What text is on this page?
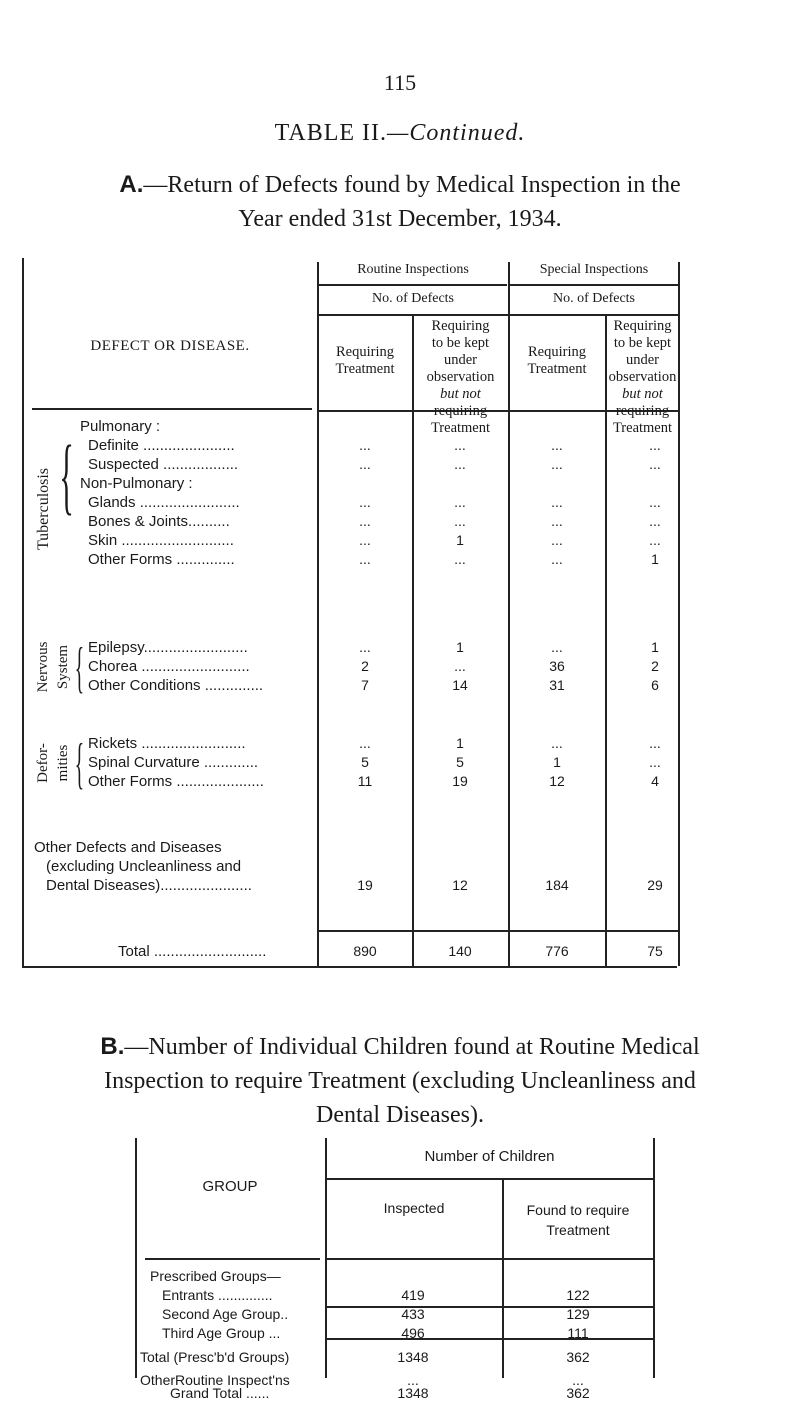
115
TABLE II.—Continued.
A.—Return of Defects found by Medical Inspection in the
Year ended 31st December, 1934.
DEFECT OR DISEASE.
Routine Inspections	Special Inspections
No. of Defects	No. of Defects
Requiring
Treatment
Requiring
to be kept
under
observation
but not
requiring
Treatment
Requiring
Treatment
Requiring
to be kept
under
observation
but not
requiring
Treatment
Tuberculosis {
Nervous System {
Defor- mities {
Pulmonary :
Definite ......................	...	...	...	...
Suspected ..................	...	...	...	...
Non-Pulmonary :
Glands ........................	...	...	...	...
Bones & Joints..........	...	...	...	...
Skin ...........................	...	1	...	...
Other Forms ..............	...	...	...	1
Epilepsy.........................	...	1	...	1
Chorea ..........................	2	...	36	2
Other Conditions ..............	7	14	31	6
Rickets .........................	...	1	...	...
Spinal Curvature .............	5	5	1	...
Other Forms .....................	11	19	12	4
Other Defects and Diseases
(excluding Uncleanliness and
Dental Diseases)......................	19	12	184	29
Total ...........................	890	140	776	75
B.—Number of Individual Children found at Routine Medical
Inspection to require Treatment (excluding Uncleanliness and
Dental Diseases).
GROUP
Number of Children
Inspected	Found to require
Treatment
Prescribed Groups—
Entrants ..............	419	122
Second Age Group..	433	129
Third Age Group ...	496	111
Total (Presc'b'd Groups)	1348	362
OtherRoutine Inspect'ns	...	...
Grand Total ......	1348	362
